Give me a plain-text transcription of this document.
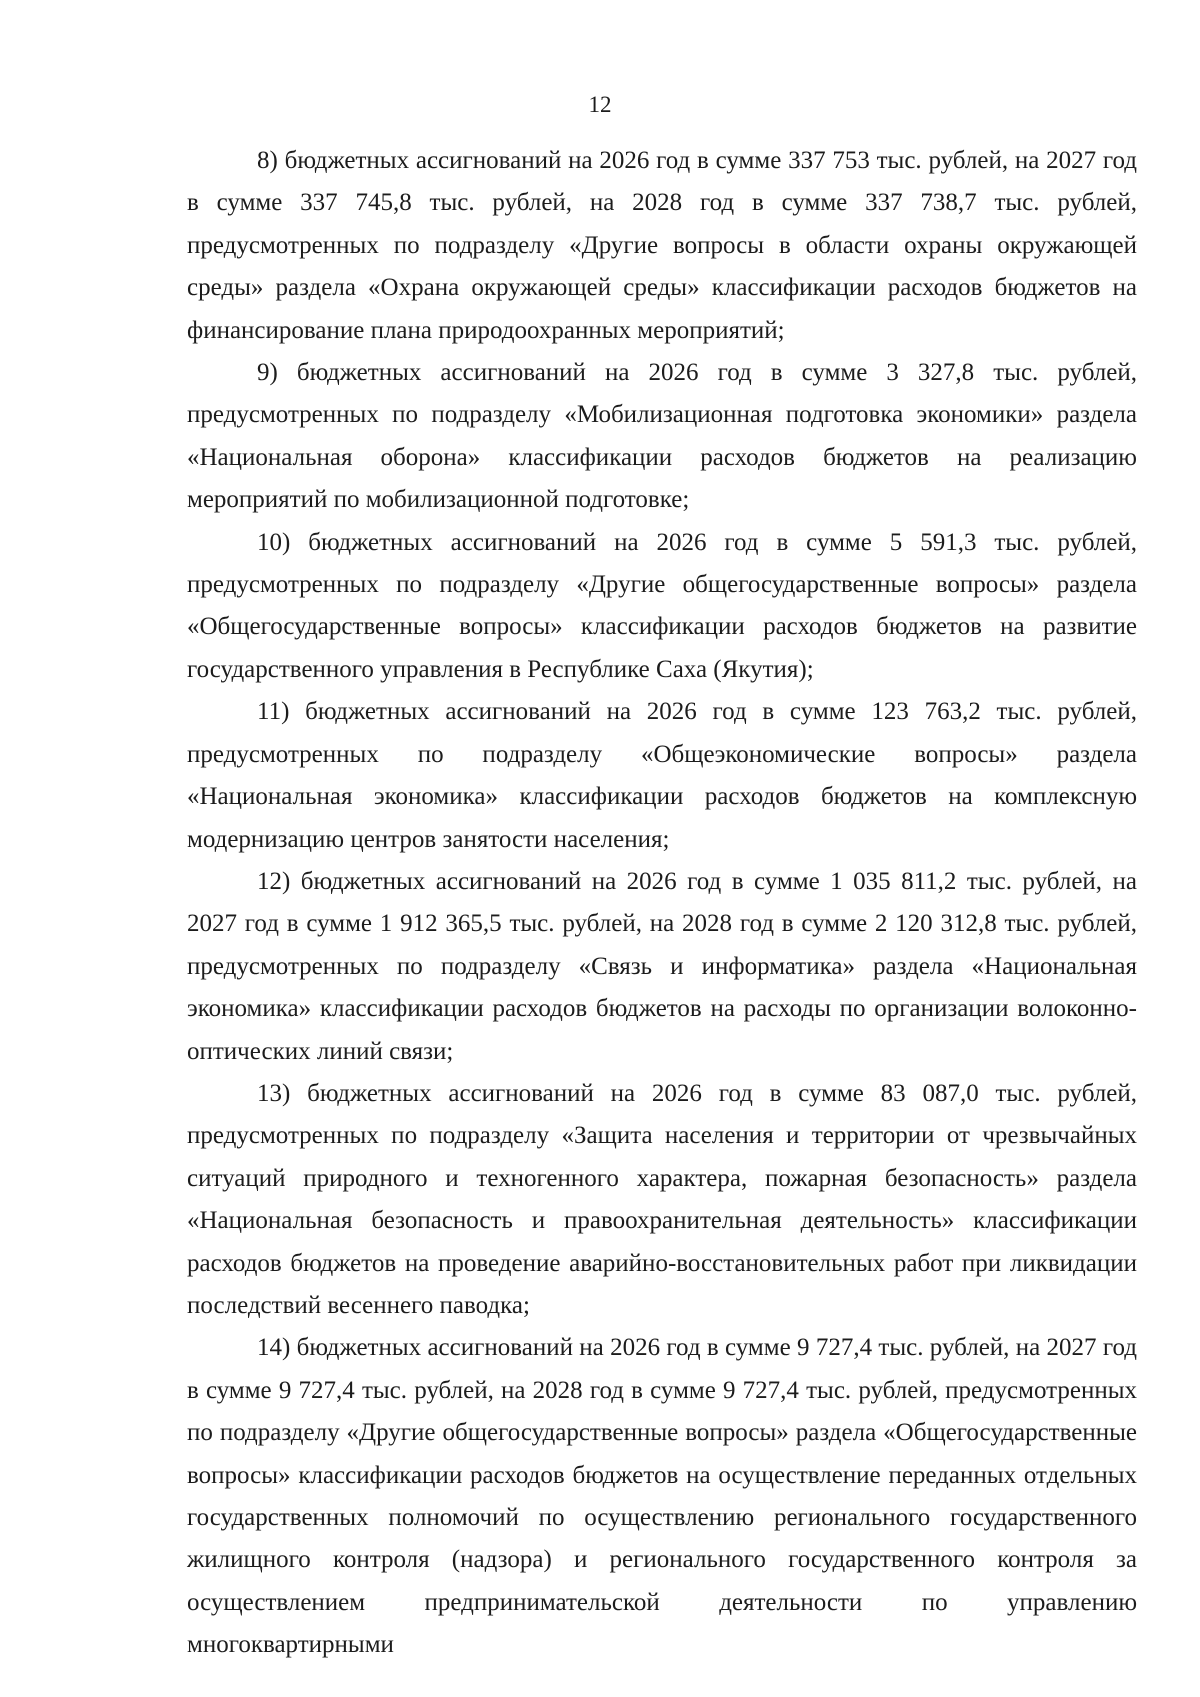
12

8) бюджетных ассигнований на 2026 год в сумме 337 753 тыс. рублей, на 2027 год в сумме 337 745,8 тыс. рублей, на 2028 год в сумме 337 738,7 тыс. рублей, предусмотренных по подразделу «Другие вопросы в области охраны окружающей среды» раздела «Охрана окружающей среды» классификации расходов бюджетов на финансирование плана природоохранных мероприятий;

9) бюджетных ассигнований на 2026 год в сумме 3 327,8 тыс. рублей, предусмотренных по подразделу «Мобилизационная подготовка экономики» раздела «Национальная оборона» классификации расходов бюджетов на реализацию мероприятий по мобилизационной подготовке;

10) бюджетных ассигнований на 2026 год в сумме 5 591,3 тыс. рублей, предусмотренных по подразделу «Другие общегосударственные вопросы» раздела «Общегосударственные вопросы» классификации расходов бюджетов на развитие государственного управления в Республике Саха (Якутия);

11) бюджетных ассигнований на 2026 год в сумме 123 763,2 тыс. рублей, предусмотренных по подразделу «Общеэкономические вопросы» раздела «Национальная экономика» классификации расходов бюджетов на комплексную модернизацию центров занятости населения;

12) бюджетных ассигнований на 2026 год в сумме 1 035 811,2 тыс. рублей, на 2027 год в сумме 1 912 365,5 тыс. рублей, на 2028 год в сумме 2 120 312,8 тыс. рублей, предусмотренных по подразделу «Связь и информатика» раздела «Национальная экономика» классификации расходов бюджетов на расходы по организации волоконно-оптических линий связи;

13) бюджетных ассигнований на 2026 год в сумме 83 087,0 тыс. рублей, предусмотренных по подразделу «Защита населения и территории от чрезвычайных ситуаций природного и техногенного характера, пожарная безопасность» раздела «Национальная безопасность и правоохранительная деятельность» классификации расходов бюджетов на проведение аварийно-восстановительных работ при ликвидации последствий весеннего паводка;

14) бюджетных ассигнований на 2026 год в сумме 9 727,4 тыс. рублей, на 2027 год в сумме 9 727,4 тыс. рублей, на 2028 год в сумме 9 727,4 тыс. рублей, предусмотренных по подразделу «Другие общегосударственные вопросы» раздела «Общегосударственные вопросы» классификации расходов бюджетов на осуществление переданных отдельных государственных полномочий по осуществлению регионального государственного жилищного контроля (надзора) и регионального государственного контроля за осуществлением предпринимательской деятельности по управлению многоквартирными
